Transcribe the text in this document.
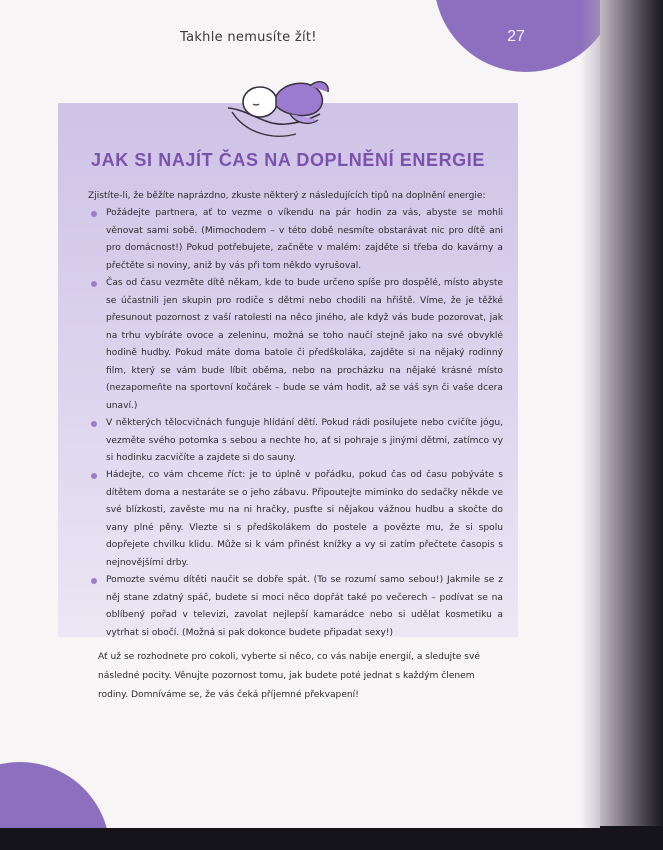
27
Takhle nemusíte žít!
JAK SI NAJÍT ČAS NA DOPLNĚNÍ ENERGIE

Zjistíte-li, že běžíte naprázdno, zkuste některý z následujících tipů na doplnění energie:

Požádejte partnera, ať to vezme o víkendu na pár hodin za vás, abyste se mohli věnovat sami sobě. (Mimochodem – v této době nesmíte obstarávat nic pro dítě ani pro domácnost!) Pokud potřebujete, začněte v malém: zajděte si třeba do kavárny a přečtěte si noviny, aniž by vás při tom někdo vyrušoval.
Čas od času vezměte dítě někam, kde to bude určeno spíše pro dospělé, místo abyste se účastnili jen skupin pro rodiče s dětmi nebo chodili na hřiště. Víme, že je těžké přesunout pozornost z vaší ratolesti na něco jiného, ale když vás bude pozorovat, jak na trhu vybíráte ovoce a zeleninu, možná se toho naučí stejně jako na své obvyklé hodině hudby. Pokud máte doma batole či předškoláka, zajděte si na nějaký rodinný film, který se vám bude líbit oběma, nebo na procházku na nějaké krásné místo (nezapomeňte na sportovní kočárek – bude se vám hodit, až se váš syn či vaše dcera unaví.)
V některých tělocvičnách funguje hlídání dětí. Pokud rádi posilujete nebo cvičíte jógu, vezměte svého potomka s sebou a nechte ho, ať si pohraje s jinými dětmi, zatímco vy si hodinku zacvičíte a zajdete si do sauny.
Hádejte, co vám chceme říct: je to úplně v pořádku, pokud čas od času pobýváte s dítětem doma a nestaráte se o jeho zábavu. Připoutejte miminko do sedačky někde ve své blízkosti, zavěste mu na ni hračky, pusťte si nějakou vážnou hudbu a skočte do vany plné pěny. Vlezte si s předškolákem do postele a povězte mu, že si spolu dopřejete chvilku klidu. Může si k vám přinést knížky a vy si zatím přečtete časopis s nejnovějšími drby.
Pomozte svému dítěti naučit se dobře spát. (To se rozumí samo sebou!) Jakmile se z něj stane zdatný spáč, budete si moci něco dopřát také po večerech – podívat se na oblíbený pořad v televizi, zavolat nejlepší kamarádce nebo si udělat kosmetiku a vytrhat si obočí. (Možná si pak dokonce budete připadat sexy!)

Ať už se rozhodnete pro cokoli, vyberte si něco, co vás nabije energií, a sledujte své následné pocity. Věnujte pozornost tomu, jak budete poté jednat s každým členem rodiny. Domníváme se, že vás čeká příjemné překvapení!
